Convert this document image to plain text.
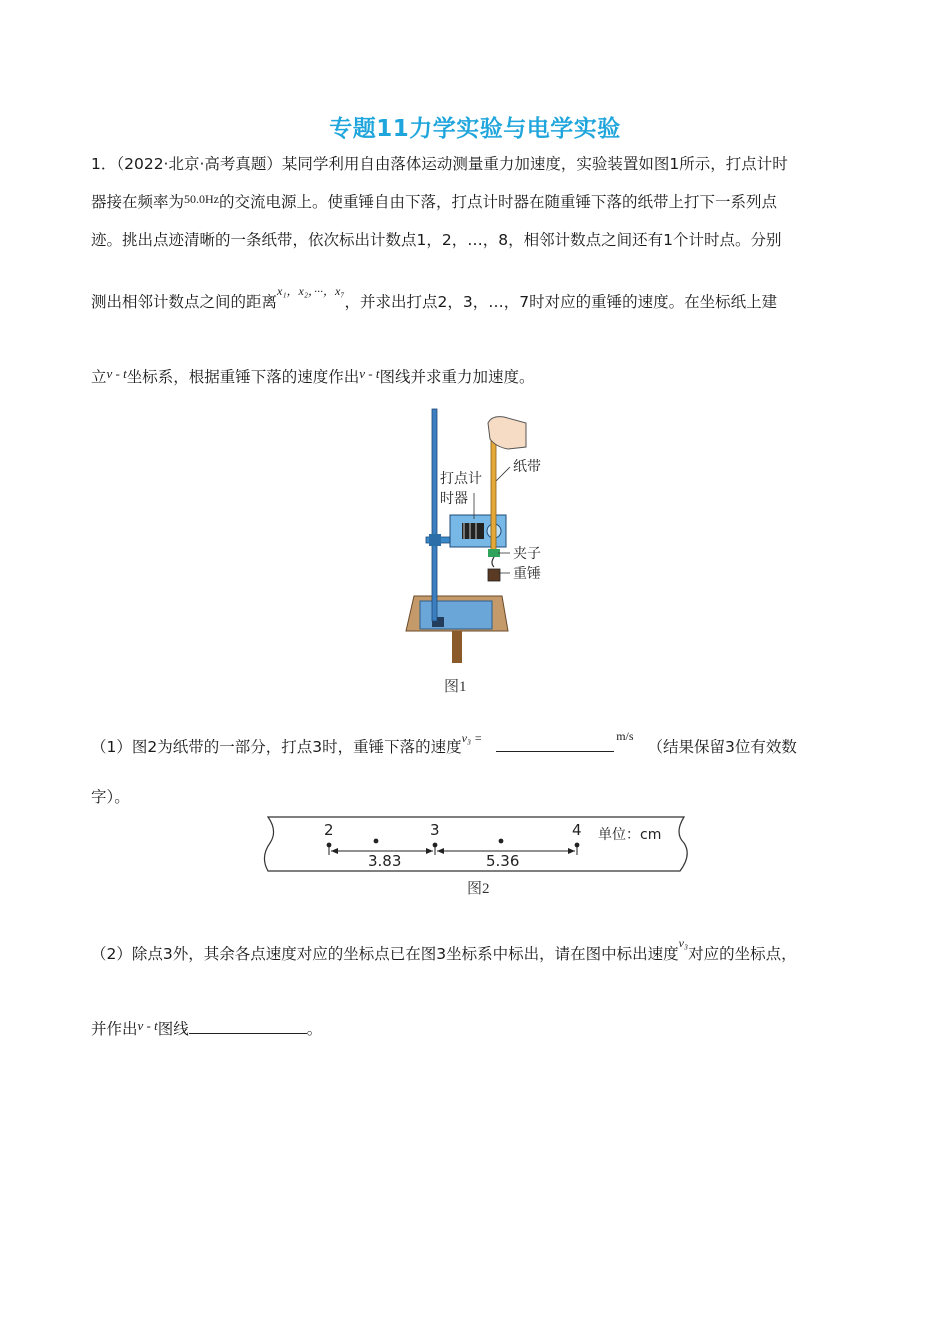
专题11力学实验与电学实验
1．（2022·北京·高考真题）某同学利用自由落体运动测量重力加速度，实验装置如图1所示，打点计时
器接在频率为$^{50.0Hz}$的交流电源上。使重锤自由下落，打点计时器在随重锤下落的纸带上打下一系列点
迹。挑出点迹清晰的一条纸带，依次标出计数点1，2，…，8，相邻计数点之间还有1个计时点。分别
测出相邻计数点之间的距离$^{x_1,x_2,\cdot\cdot\cdot,x_7}$，并求出打点2，3，…，7时对应的重锤的速度。在坐标纸上建
立$^{v - t}$坐标系，根据重锤下落的速度作出$^{v - t}$图线并求重力加速度。
打点计
时器
纸带
夹子
重锤
图1
（1）图2为纸带的一部分，打点3时，重锤下落的速度$^{v_3 =}$	$^{m/s}$（结果保留3位有效数
字）。
2	3	4
3.83	5.36
单位：cm
图2
（2）除点3外，其余各点速度对应的坐标点已在图3坐标系中标出，请在图中标出速度$^{v_3}$对应的坐标点，
并作出$^{v - t}$图线	。
